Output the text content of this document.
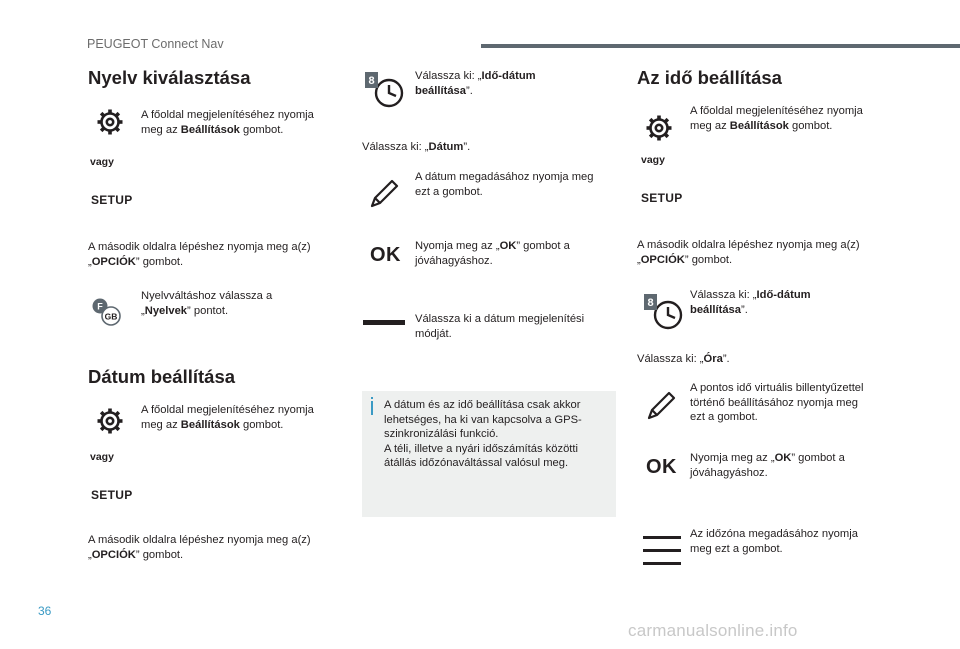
PEUGEOT Connect Nav
Nyelv kiválasztása
A főoldal megjelenítéséhez nyomja
meg az Beállítások gombot.
vagy
SETUP
A második oldalra lépéshez nyomja meg a(z)
„OPCIÓK” gombot.
F
GB
Nyelvváltáshoz válassza a
„Nyelvek” pontot.
Dátum beállítása
A főoldal megjelenítéséhez nyomja
meg az Beállítások gombot.
vagy
SETUP
A második oldalra lépéshez nyomja meg a(z)
„OPCIÓK” gombot.
8	Válassza ki: „Idő-dátum
beállítása”.
Válassza ki: „Dátum”.
A dátum megadásához nyomja meg
ezt a gombot.
OK Nyomja meg az „OK” gombot a
jóváhagyáshoz.
Válassza ki a dátum megjelenítési
módját.
A dátum és az idő beállítása csak akkor
lehetséges, ha ki van kapcsolva a GPS-
szinkronizálási funkció.
A téli, illetve a nyári időszámítás közötti
átállás időzónaváltással valósul meg.
Az idő beállítása
A főoldal megjelenítéséhez nyomja
meg az Beállítások gombot.
vagy
SETUP
A második oldalra lépéshez nyomja meg a(z)
„OPCIÓK” gombot.
8
Válassza ki: „Idő-dátum
beállítása”.
Válassza ki: „Óra”.
A pontos idő virtuális billentyűzettel
történő beállításához nyomja meg
ezt a gombot.
OK Nyomja meg az „OK” gombot a
jóváhagyáshoz.
Az időzóna megadásához nyomja
meg ezt a gombot.
36
carmanualsonline.info
